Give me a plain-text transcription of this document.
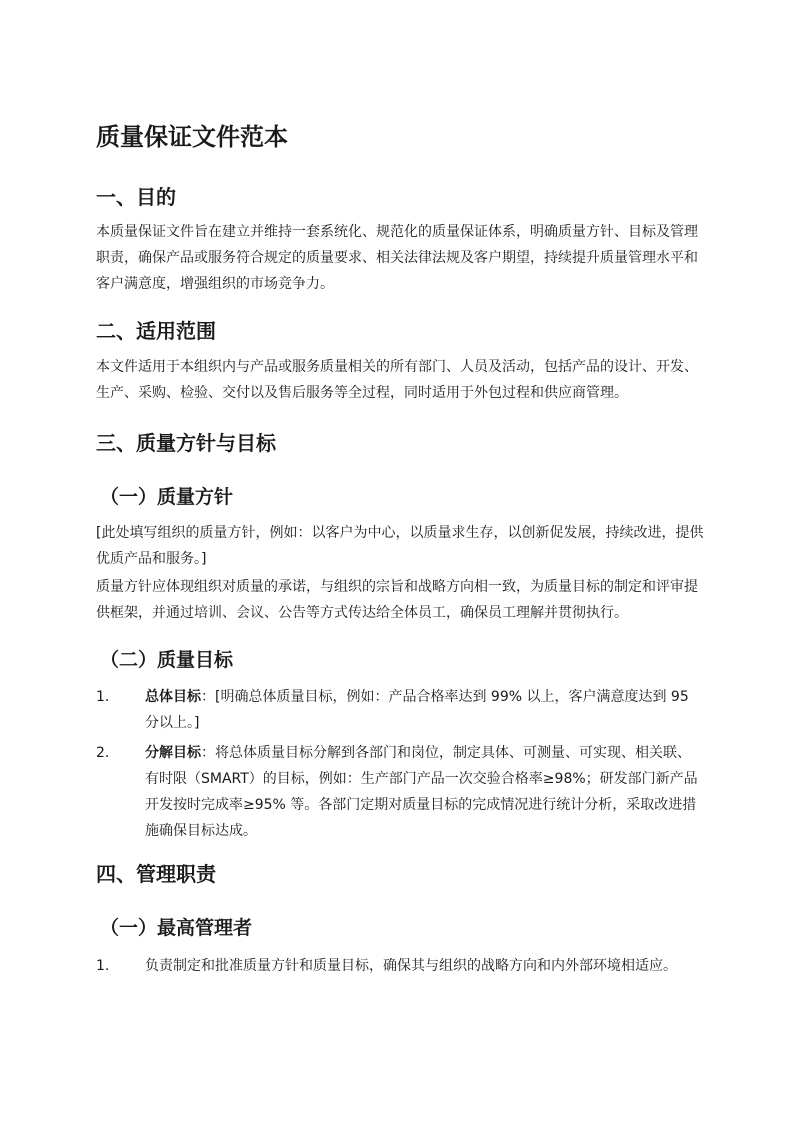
质量保证文件范本
一、目的

本质量保证文件旨在建立并维持一套系统化、规范化的质量保证体系，明确质量方针、目标及管理职责，确保产品或服务符合规定的质量要求、相关法律法规及客户期望，持续提升质量管理水平和客户满意度，增强组织的市场竞争力。

二、适用范围

本文件适用于本组织内与产品或服务质量相关的所有部门、人员及活动，包括产品的设计、开发、生产、采购、检验、交付以及售后服务等全过程，同时适用于外包过程和供应商管理。

三、质量方针与目标
（一）质量方针

[此处填写组织的质量方针，例如：以客户为中心，以质量求生存，以创新促发展，持续改进，提供优质产品和服务。]

质量方针应体现组织对质量的承诺，与组织的宗旨和战略方向相一致，为质量目标的制定和评审提供框架，并通过培训、会议、公告等方式传达给全体员工，确保员工理解并贯彻执行。

（二）质量目标
1.	总体目标：[明确总体质量目标，例如：产品合格率达到 99% 以上，客户满意度达到 95 分以上。]
2.	分解目标：将总体质量目标分解到各部门和岗位，制定具体、可测量、可实现、相关联、有时限（SMART）的目标，例如：生产部门产品一次交验合格率≥98%；研发部门新产品开发按时完成率≥95% 等。各部门定期对质量目标的完成情况进行统计分析，采取改进措施确保目标达成。
四、管理职责
（一）最高管理者
1.	负责制定和批准质量方针和质量目标，确保其与组织的战略方向和内外部环境相适应。
